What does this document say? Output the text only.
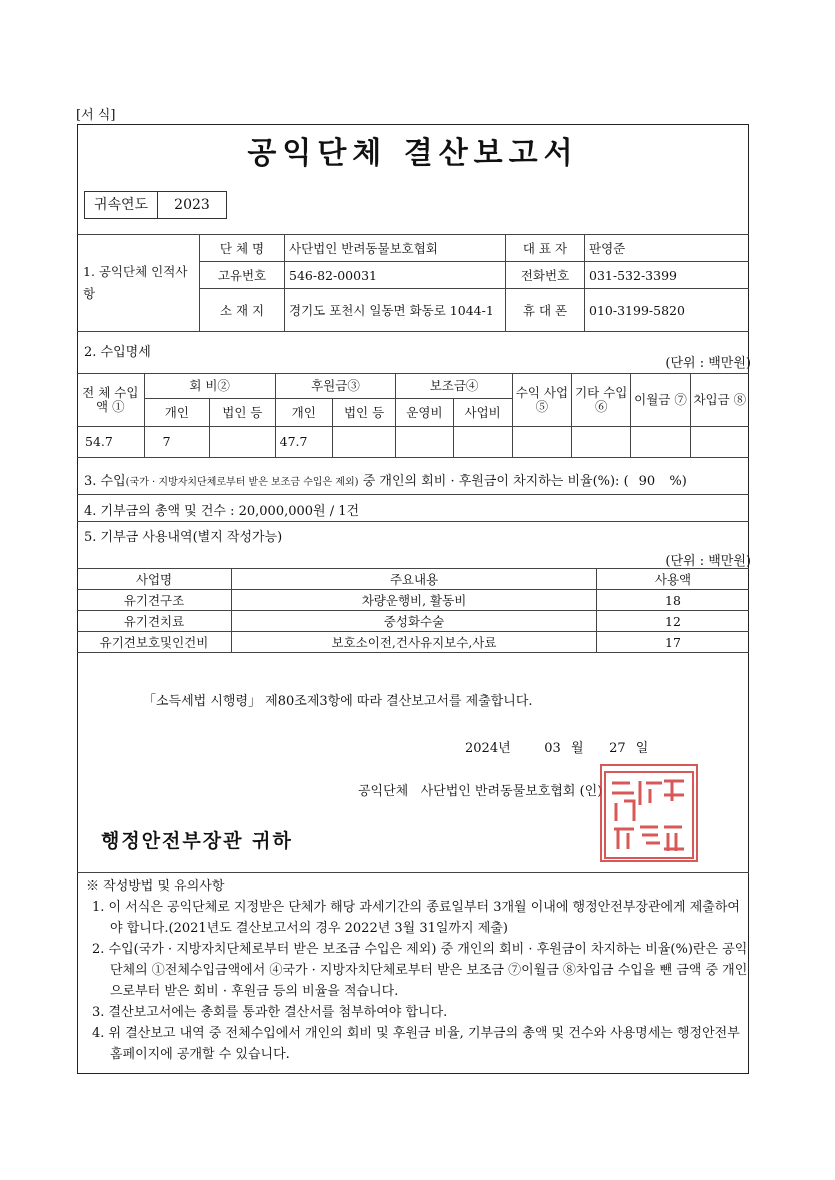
[서 식]
공익단체 결산보고서
귀속연도	2023
1. 공익단체 인적사항	단 체 명	사단법인 반려동물보호협회	대 표 자	판영준
	고유번호	546-82-00031	전화번호	031-532-3399
	소 재 지	경기도 포천시 일동면 화동로 1044-1	휴 대 폰	010-3199-5820
2. 수입명세
(단위 : 백만원)
전 체 수입액 ①	회 비②		후원금③		보조금④		수익 사업 ⑤	기타 수입 ⑥	이월금 ⑦	차입금 ⑧
	개인	법인 등	개인	법인 등	운영비	사업비				
54.7	7		47.7							
3. 수입(국가 · 지방자치단체로부터 받은 보조금 수입은 제외) 중 개인의 회비 · 후원금이 차지하는 비율(%): ( 90 %)
4. 기부금의 총액 및 건수 : 20,000,000원 / 1건
5. 기부금 사용내역(별지 작성가능)
(단위 : 백만원)
사업명	주요내용	사용액
유기견구조	차량운행비, 활동비	18
유기견치료	중성화수술	12
유기견보호및인건비	보호소이전,건사유지보수,사료	17
「소득세법 시행령」 제80조제3항에 따라 결산보고서를 제출합니다.
2024년	03 월 27 일
공익단체   사단법인 반려동물보호협회 (인)
행정안전부장관 귀하
※ 작성방법 및 유의사항
1. 이 서식은 공익단체로 지정받은 단체가 해당 과세기간의 종료일부터 3개월 이내에 행정안전부장관에게 제출하여야 합니다.(2021년도 결산보고서의 경우 2022년 3월 31일까지 제출)
2. 수입(국가 · 지방자치단체로부터 받은 보조금 수입은 제외) 중 개인의 회비 · 후원금이 차지하는 비율(%)란은 공익단체의 ①전체수입금액에서 ④국가 · 지방자치단체로부터 받은 보조금 ⑦이월금 ⑧차입금 수입을 뺀 금액 중 개인으로부터 받은 회비 · 후원금 등의 비율을 적습니다.
3. 결산보고서에는 총회를 통과한 결산서를 첨부하여야 합니다.
4. 위 결산보고 내역 중 전체수입에서 개인의 회비 및 후원금 비율, 기부금의 총액 및 건수와 사용명세는 행정안전부 홈페이지에 공개할 수 있습니다.
